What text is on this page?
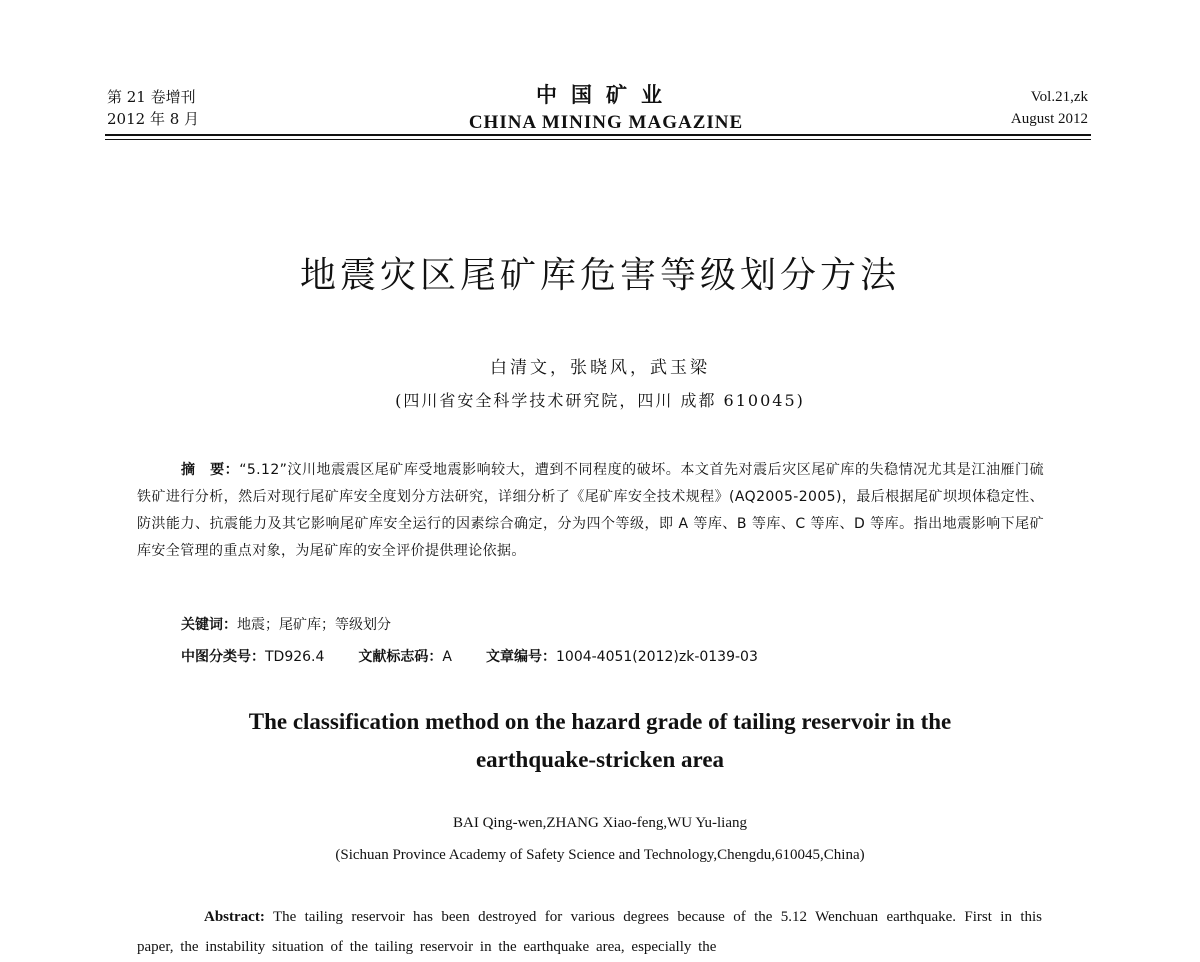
第 21 卷增刊
2012 年 8 月
中国矿业
CHINA MINING MAGAZINE
Vol.21,zk
August 2012
地震灾区尾矿库危害等级划分方法
白清文，张晓风，武玉梁
(四川省安全科学技术研究院，四川 成都 610045)
摘　要：“5.12”汶川地震震区尾矿库受地震影响较大，遭到不同程度的破坏。本文首先对震后灾区尾矿库的失稳情况尤其是江油雁门硫铁矿进行分析，然后对现行尾矿库安全度划分方法研究，详细分析了《尾矿库安全技术规程》(AQ2005-2005)，最后根据尾矿坝坝体稳定性、防洪能力、抗震能力及其它影响尾矿库安全运行的因素综合确定，分为四个等级，即 A 等库、B 等库、C 等库、D 等库。指出地震影响下尾矿库安全管理的重点对象，为尾矿库的安全评价提供理论依据。
关键词：地震；尾矿库；等级划分
中图分类号：TD926.4 文献标志码：A 文章编号：1004-4051(2012)zk-0139-03
The classification method on the hazard grade of tailing reservoir in the
earthquake-stricken area
BAI Qing-wen,ZHANG Xiao-feng,WU Yu-liang
(Sichuan Province Academy of Safety Science and Technology,Chengdu,610045,China)
Abstract: The tailing reservoir has been destroyed for various degrees because of the 5.12 Wenchuan earthquake. First in this paper, the instability situation of the tailing reservoir in the earthquake area, especially the
